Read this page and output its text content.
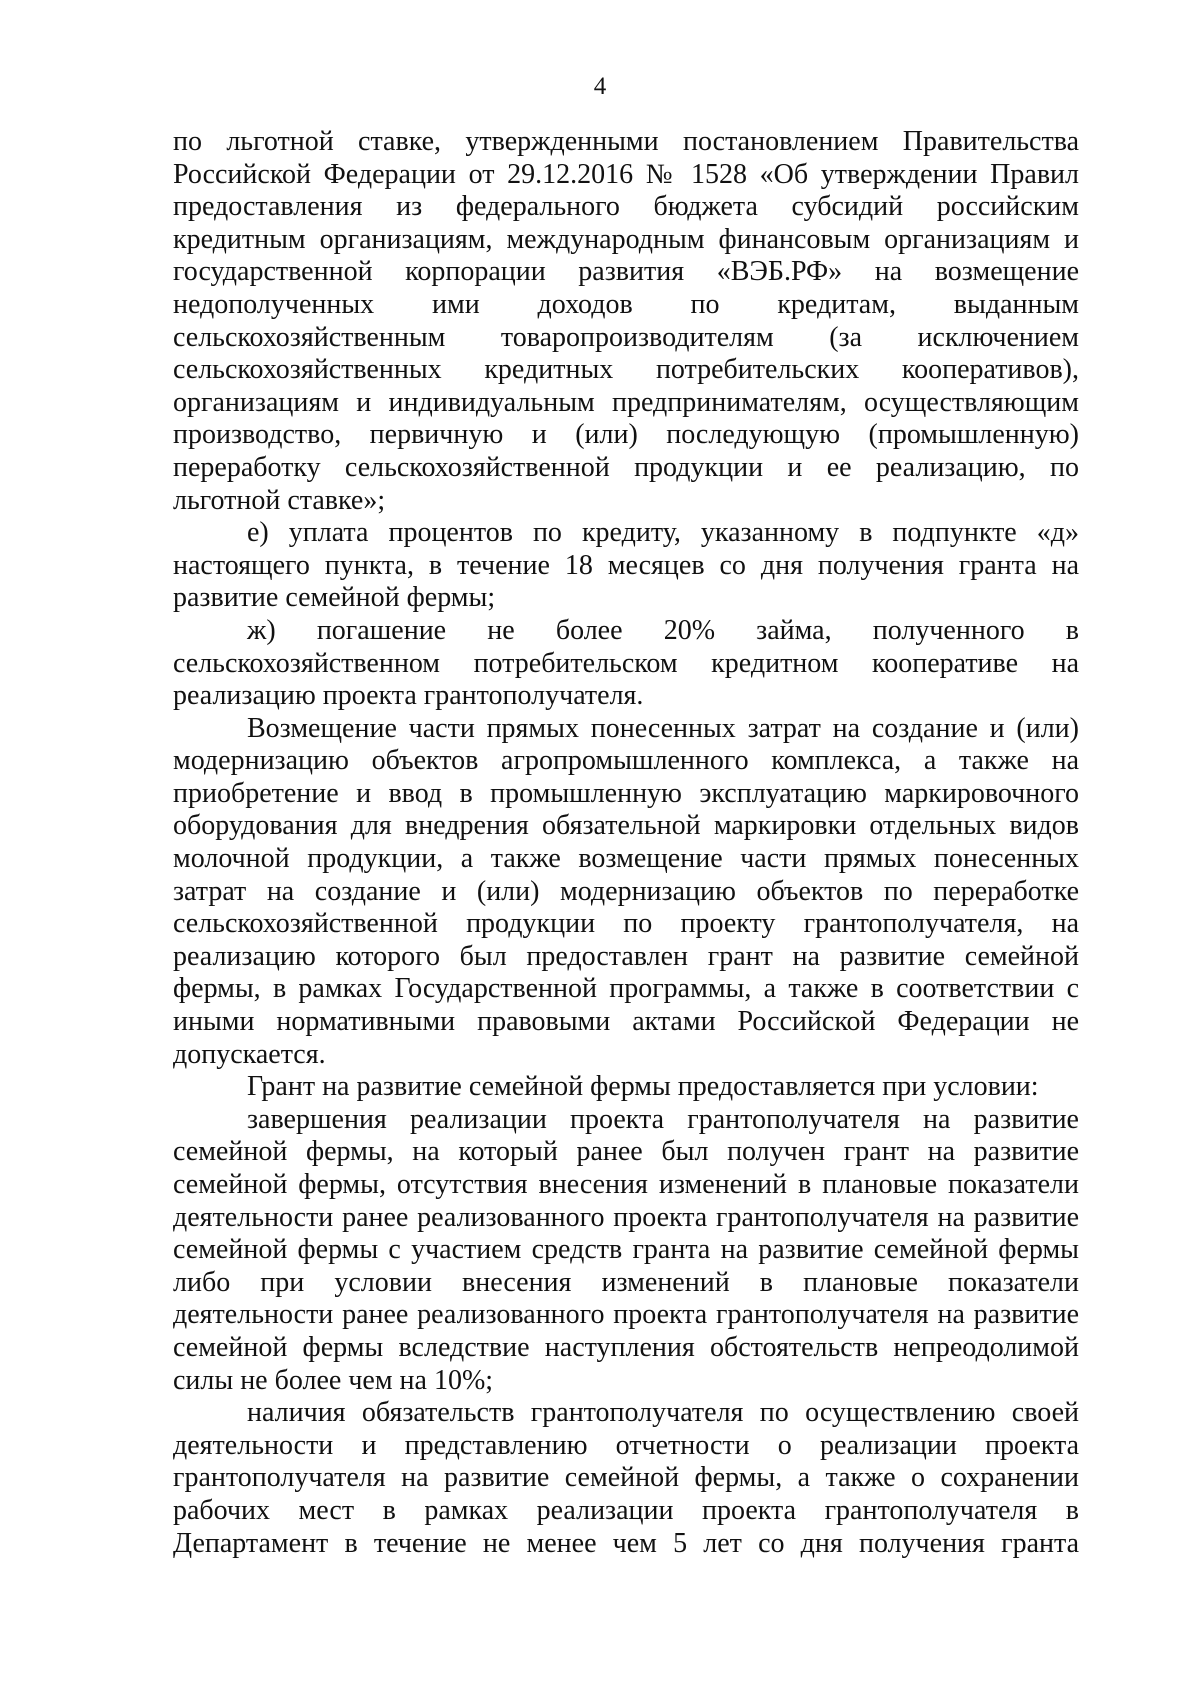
4

по льготной ставке, утвержденными постановлением Правительства Российской Федерации от 29.12.2016 № 1528 «Об утверждении Правил предоставления из федерального бюджета субсидий российским кредитным организациям, международным финансовым организациям и государственной корпорации развития «ВЭБ.РФ» на возмещение недополученных ими доходов по кредитам, выданным сельскохозяйственным товаропроизводителям (за исключением сельскохозяйственных кредитных потребительских кооперативов), организациям и индивидуальным предпринимателям, осуществляющим производство, первичную и (или) последующую (промышленную) переработку сельскохозяйственной продукции и ее реализацию, по льготной ставке»;

е) уплата процентов по кредиту, указанному в подпункте «д» настоящего пункта, в течение 18 месяцев со дня получения гранта на развитие семейной фермы;

ж) погашение не более 20% займа, полученного в сельскохозяйственном потребительском кредитном кооперативе на реализацию проекта грантополучателя.

Возмещение части прямых понесенных затрат на создание и (или) модернизацию объектов агропромышленного комплекса, а также на приобретение и ввод в промышленную эксплуатацию маркировочного оборудования для внедрения обязательной маркировки отдельных видов молочной продукции, а также возмещение части прямых понесенных затрат на создание и (или) модернизацию объектов по переработке сельскохозяйственной продукции по проекту грантополучателя, на реализацию которого был предоставлен грант на развитие семейной фермы, в рамках Государственной программы, а также в соответствии с иными нормативными правовыми актами Российской Федерации не допускается.

Грант на развитие семейной фермы предоставляется при условии:

завершения реализации проекта грантополучателя на развитие семейной фермы, на который ранее был получен грант на развитие семейной фермы, отсутствия внесения изменений в плановые показатели деятельности ранее реализованного проекта грантополучателя на развитие семейной фермы с участием средств гранта на развитие семейной фермы либо при условии внесения изменений в плановые показатели деятельности ранее реализованного проекта грантополучателя на развитие семейной фермы вследствие наступления обстоятельств непреодолимой силы не более чем на 10%;

наличия обязательств грантополучателя по осуществлению своей деятельности и представлению отчетности о реализации проекта грантополучателя на развитие семейной фермы, а также о сохранении рабочих мест в рамках реализации проекта грантополучателя в Департамент в течение не менее чем 5 лет со дня получения гранта
